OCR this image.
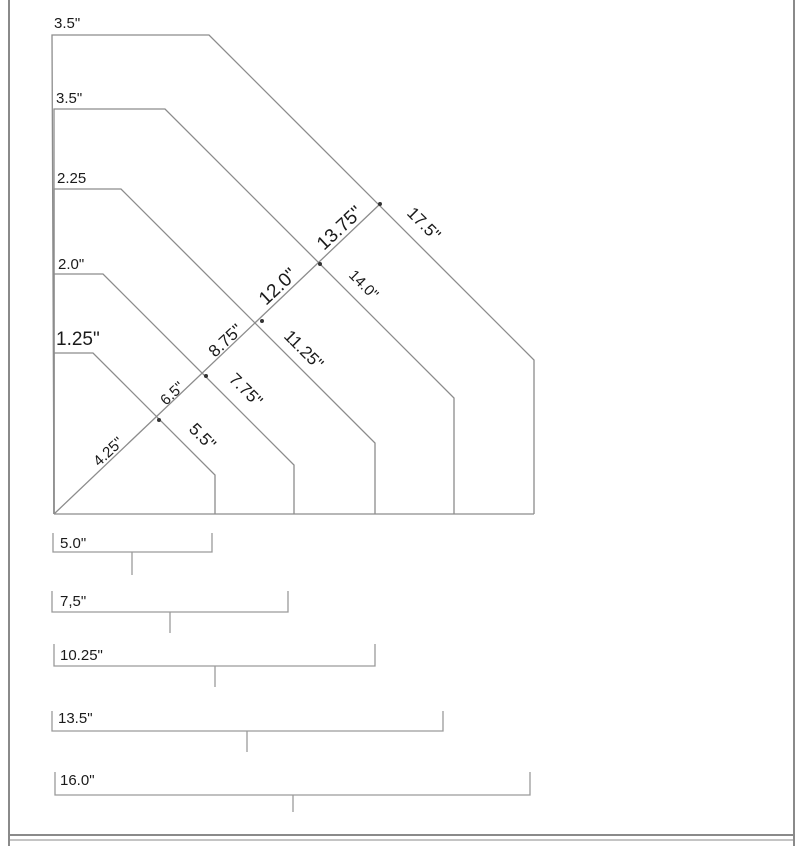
1.25"
2.0"
2.25
3.5"
3.5"
4.25"
6.5"
8.75"
12.0"
13.75"
5.5"
7.75"
11.25"
14.0"
17.5"
5.0"
7,5"
10.25"
13.5"
16.0"
